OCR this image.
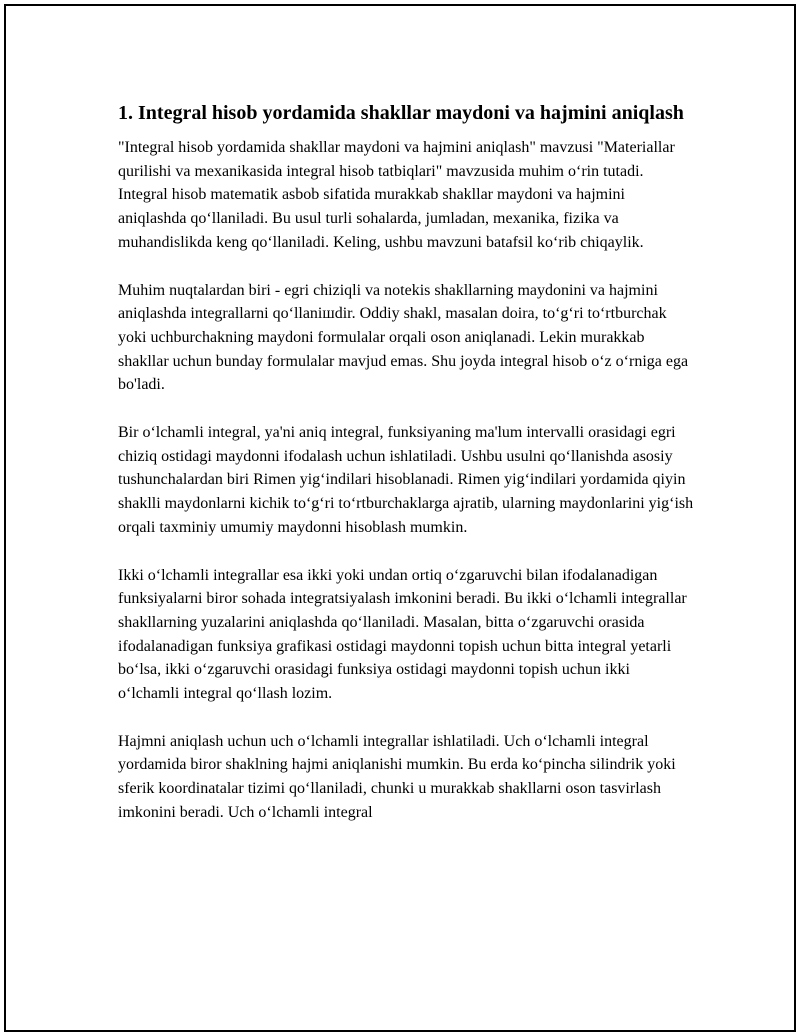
1. Integral hisob yordamida shakllar maydoni va hajmini aniqlash

"Integral hisob yordamida shakllar maydoni va hajmini aniqlash" mavzusi "Materiallar qurilishi va mexanikasida integral hisob tatbiqlari" mavzusida muhim o‘rin tutadi. Integral hisob matematik asbob sifatida murakkab shakllar maydoni va hajmini aniqlashda qo‘llaniladi. Bu usul turli sohalarda, jumladan, mexanika, fizika va muhandislikda keng qo‘llaniladi. Keling, ushbu mavzuni batafsil ko‘rib chiqaylik.

Muhim nuqtalardan biri - egri chiziqli va notekis shakllarning maydonini va hajmini aniqlashda integrallarni qo‘llanішdir. Oddiy shakl, masalan doira, to‘g‘ri to‘rtburchak yoki uchburchakning maydoni formulalar orqali oson aniqlanadi. Lekin murakkab shakllar uchun bunday formulalar mavjud emas. Shu joyda integral hisob o‘z o‘rniga ega bo'ladi.

Bir o‘lchamli integral, ya'ni aniq integral, funksiyaning ma'lum intervalli orasidagi egri chiziq ostidagi maydonni ifodalash uchun ishlatiladi. Ushbu usulni qo‘llanishda asosiy tushunchalardan biri Rimen yig‘indilari hisoblanadi. Rimen yig‘indilari yordamida qiyin shaklli maydonlarni kichik to‘g‘ri to‘rtburchaklarga ajratib, ularning maydonlarini yig‘ish orqali taxminiy umumiy maydonni hisoblash mumkin.

Ikki o‘lchamli integrallar esa ikki yoki undan ortiq o‘zgaruvchi bilan ifodalanadigan funksiyalarni biror sohada integratsiyalash imkonini beradi. Bu ikki o‘lchamli integrallar shakllarning yuzalarini aniqlashda qo‘llaniladi. Masalan, bitta o‘zgaruvchi orasida ifodalanadigan funksiya grafikasi ostidagi maydonni topish uchun bitta integral yetarli bo‘lsa, ikki o‘zgaruvchi orasidagi funksiya ostidagi maydonni topish uchun ikki o‘lchamli integral qo‘llash lozim.

Hajmni aniqlash uchun uch o‘lchamli integrallar ishlatiladi. Uch o‘lchamli integral yordamida biror shaklning hajmi aniqlanishi mumkin. Bu erda ko‘pincha silindrik yoki sferik koordinatalar tizimi qo‘llaniladi, chunki u murakkab shakllarni oson tasvirlash imkonini beradi. Uch o‘lchamli integral
